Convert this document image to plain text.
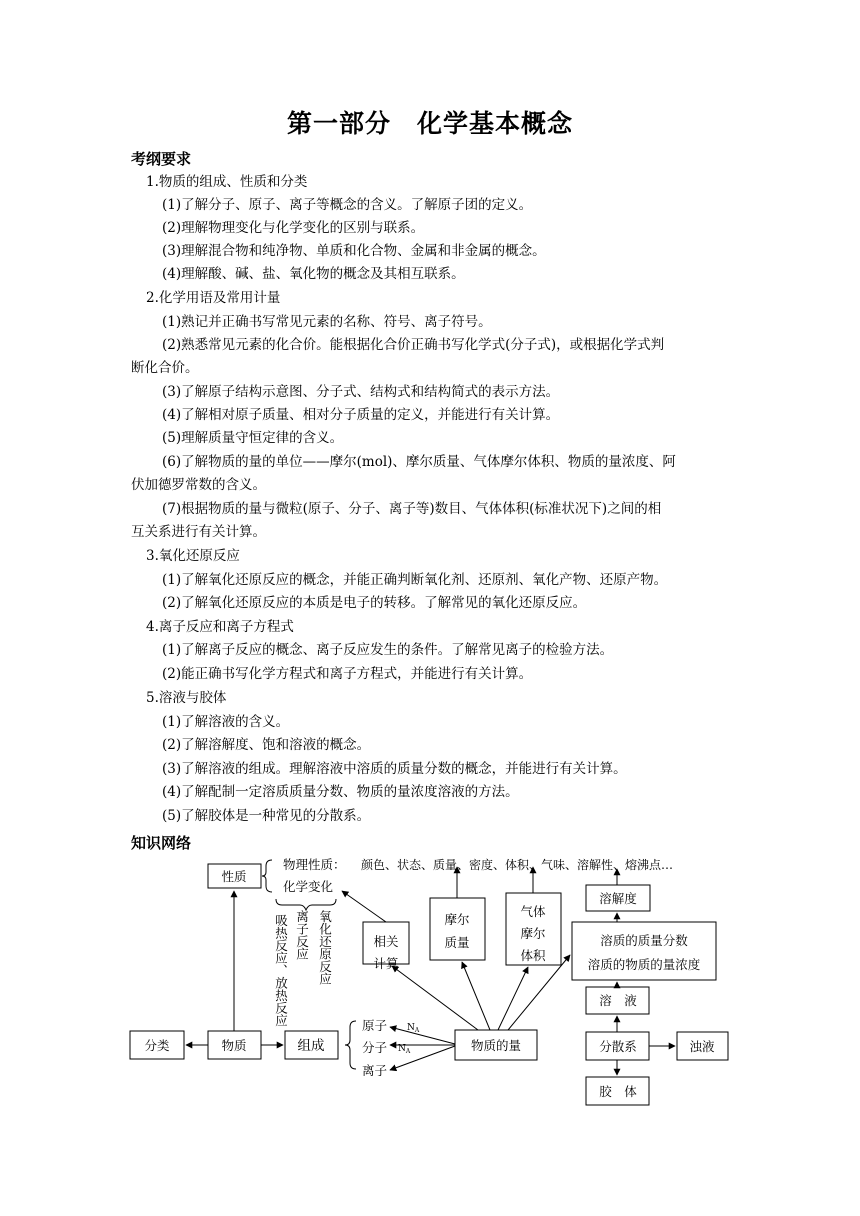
第一部分　化学基本概念
考纲要求
1.物质的组成、性质和分类
(1)了解分子、原子、离子等概念的含义。了解原子团的定义。
(2)理解物理变化与化学变化的区别与联系。
(3)理解混合物和纯净物、单质和化合物、金属和非金属的概念。
(4)理解酸、碱、盐、氧化物的概念及其相互联系。
2.化学用语及常用计量
(1)熟记并正确书写常见元素的名称、符号、离子符号。
(2)熟悉常见元素的化合价。能根据化合价正确书写化学式(分子式)，或根据化学式判
断化合价。
(3)了解原子结构示意图、分子式、结构式和结构简式的表示方法。
(4)了解相对原子质量、相对分子质量的定义，并能进行有关计算。
(5)理解质量守恒定律的含义。
(6)了解物质的量的单位——摩尔(mol)、摩尔质量、气体摩尔体积、物质的量浓度、阿
伏加德罗常数的含义。
(7)根据物质的量与微粒(原子、分子、离子等)数目、气体体积(标准状况下)之间的相
互关系进行有关计算。
3.氧化还原反应
(1)了解氧化还原反应的概念，并能正确判断氧化剂、还原剂、氧化产物、还原产物。
(2)了解氧化还原反应的本质是电子的转移。了解常见的氧化还原反应。
4.离子反应和离子方程式
(1)了解离子反应的概念、离子反应发生的条件。了解常见离子的检验方法。
(2)能正确书写化学方程式和离子方程式，并能进行有关计算。
5.溶液与胶体
(1)了解溶液的含义。
(2)了解溶解度、饱和溶液的概念。
(3)了解溶液的组成。理解溶液中溶质的质量分数的概念，并能进行有关计算。
(4)了解配制一定溶质质量分数、物质的量浓度溶液的方法。
(5)了解胶体是一种常见的分散系。
知识网络
性质
物理性质： 颜色、状态、质量、密度、体积、气味、溶解性、熔沸点…
化学变化
吸热反应、放热反应 离子反应 氧化还原反应	相关
计算
摩尔
质量
气体
摩尔
体积
溶解度
溶质的质量分数
溶质的物质的量浓度
分类	物质	组成
原子
分子
离子
$N_A$
$N_A$	物质的量
溶　液
分散系	浊液
胶　体
